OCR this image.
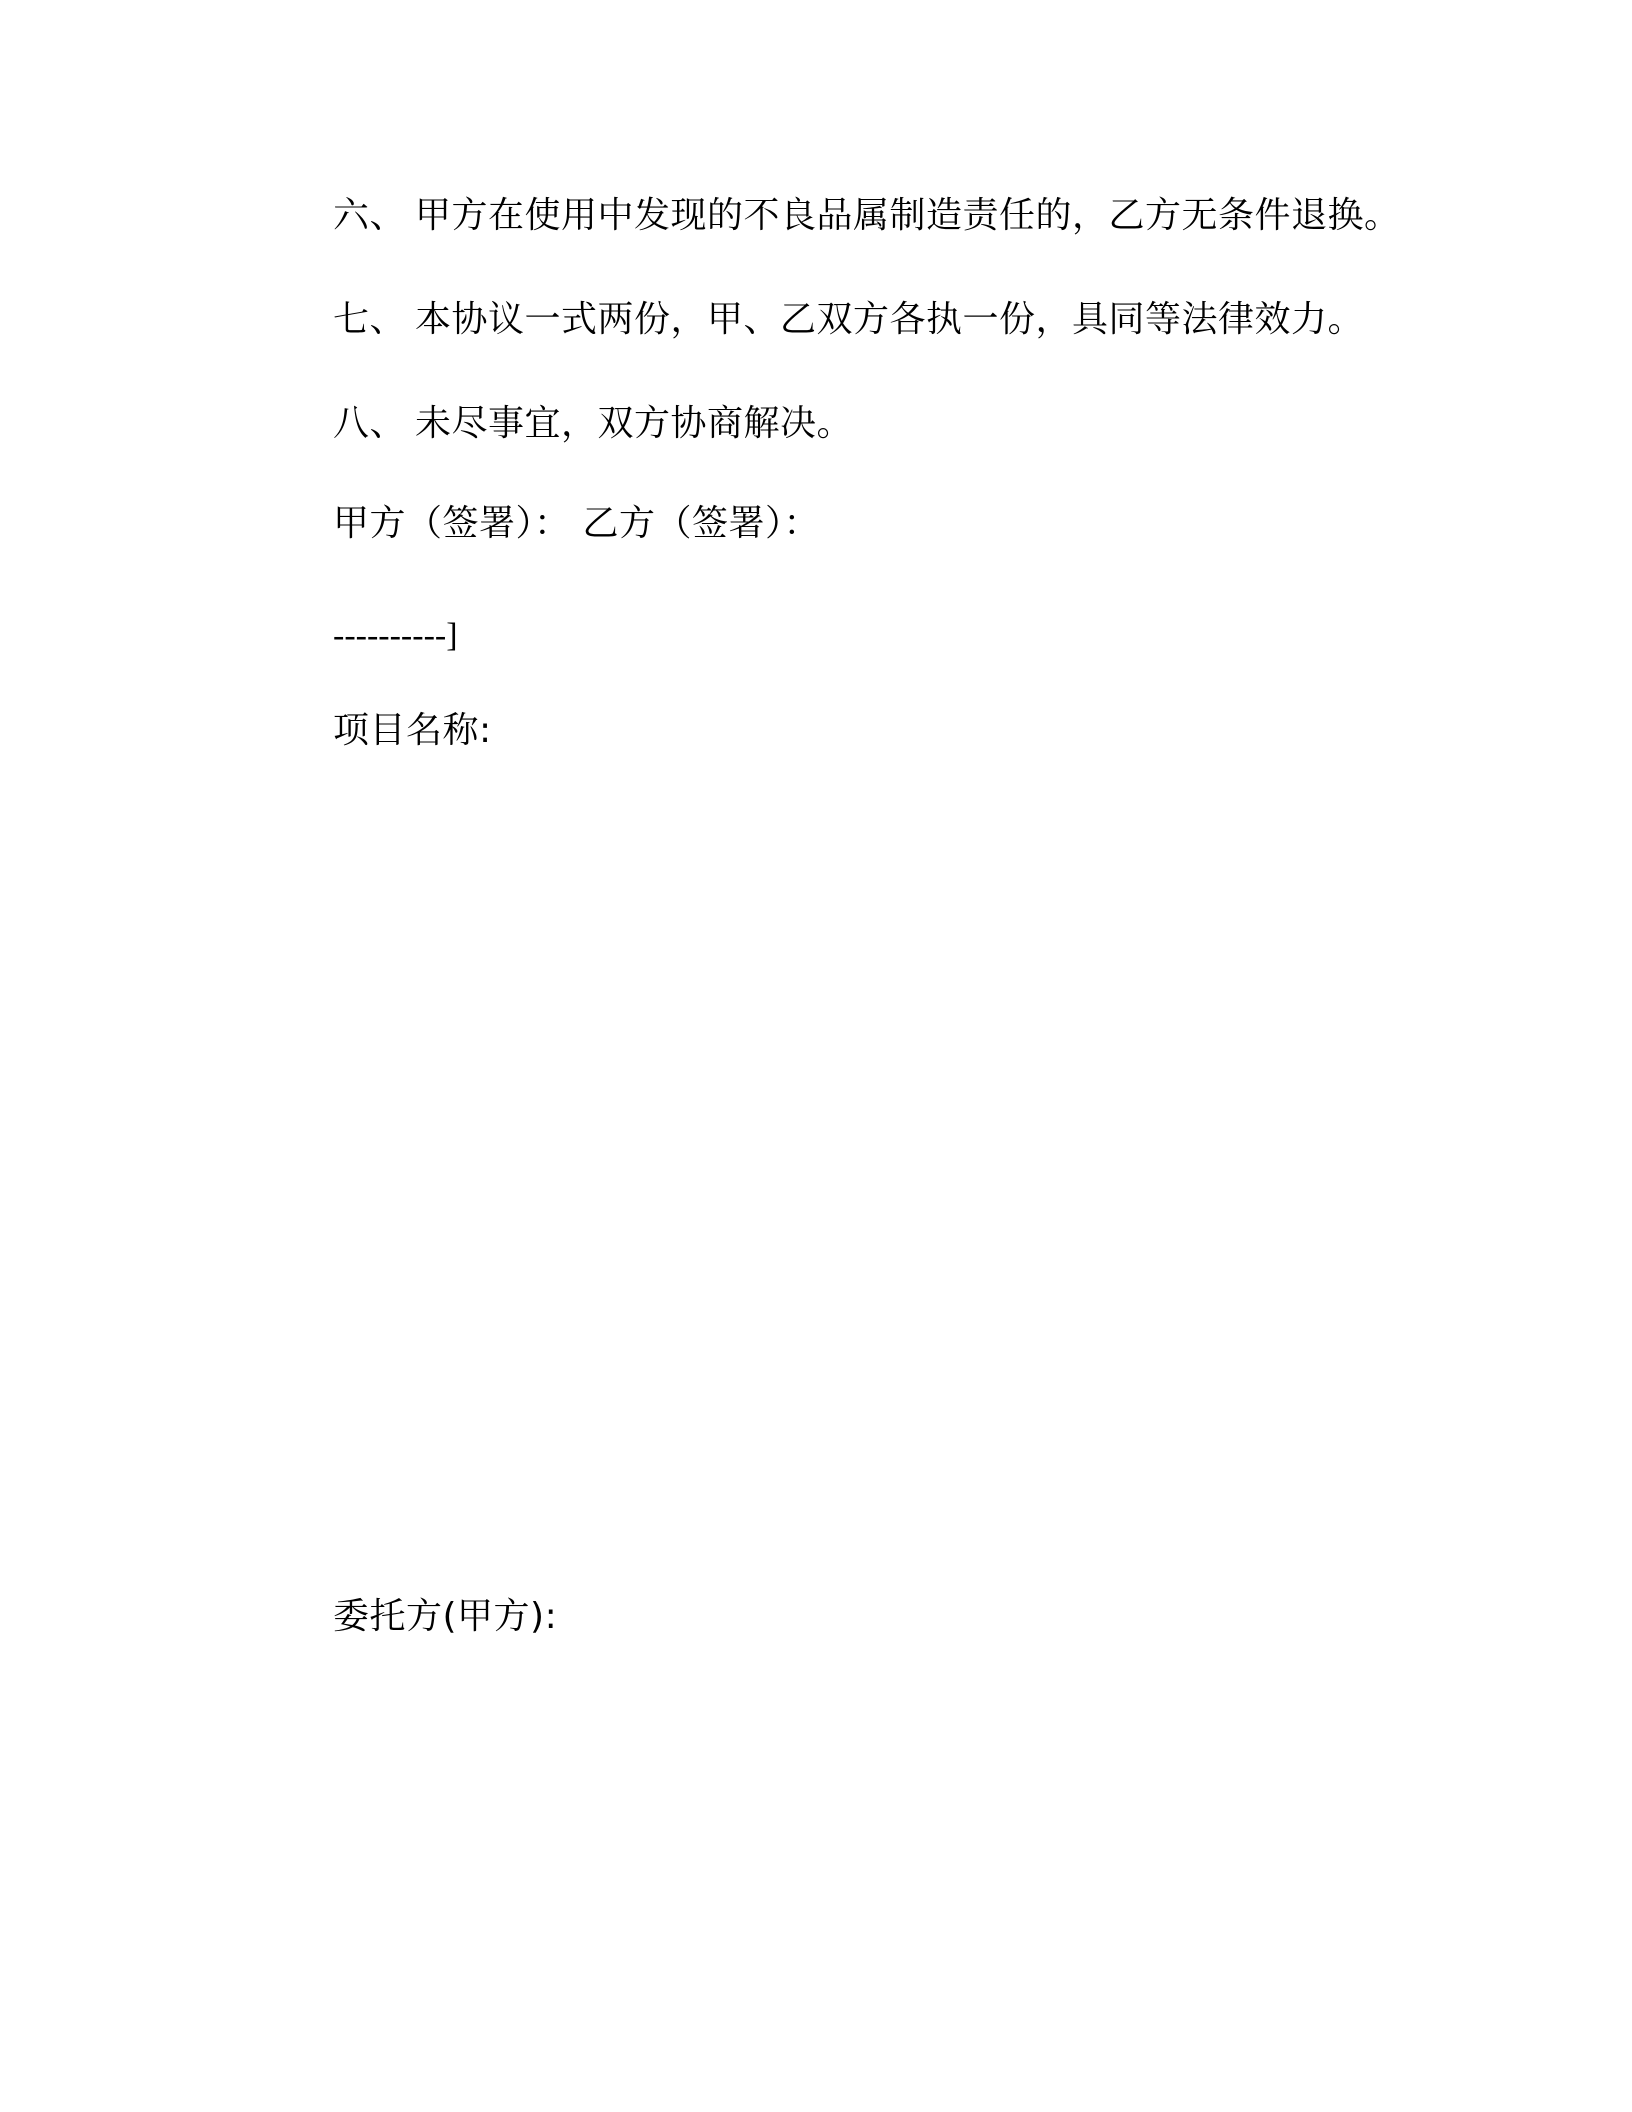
六、 甲方在使用中发现的不良品属制造责任的，乙方无条件退换。
七、 本协议一式两份，甲、乙双方各执一份，具同等法律效力。
八、 未尽事宜，双方协商解决。
甲方（签署）： 乙方（签署）：
----------]
项目名称:
委托方(甲方):
